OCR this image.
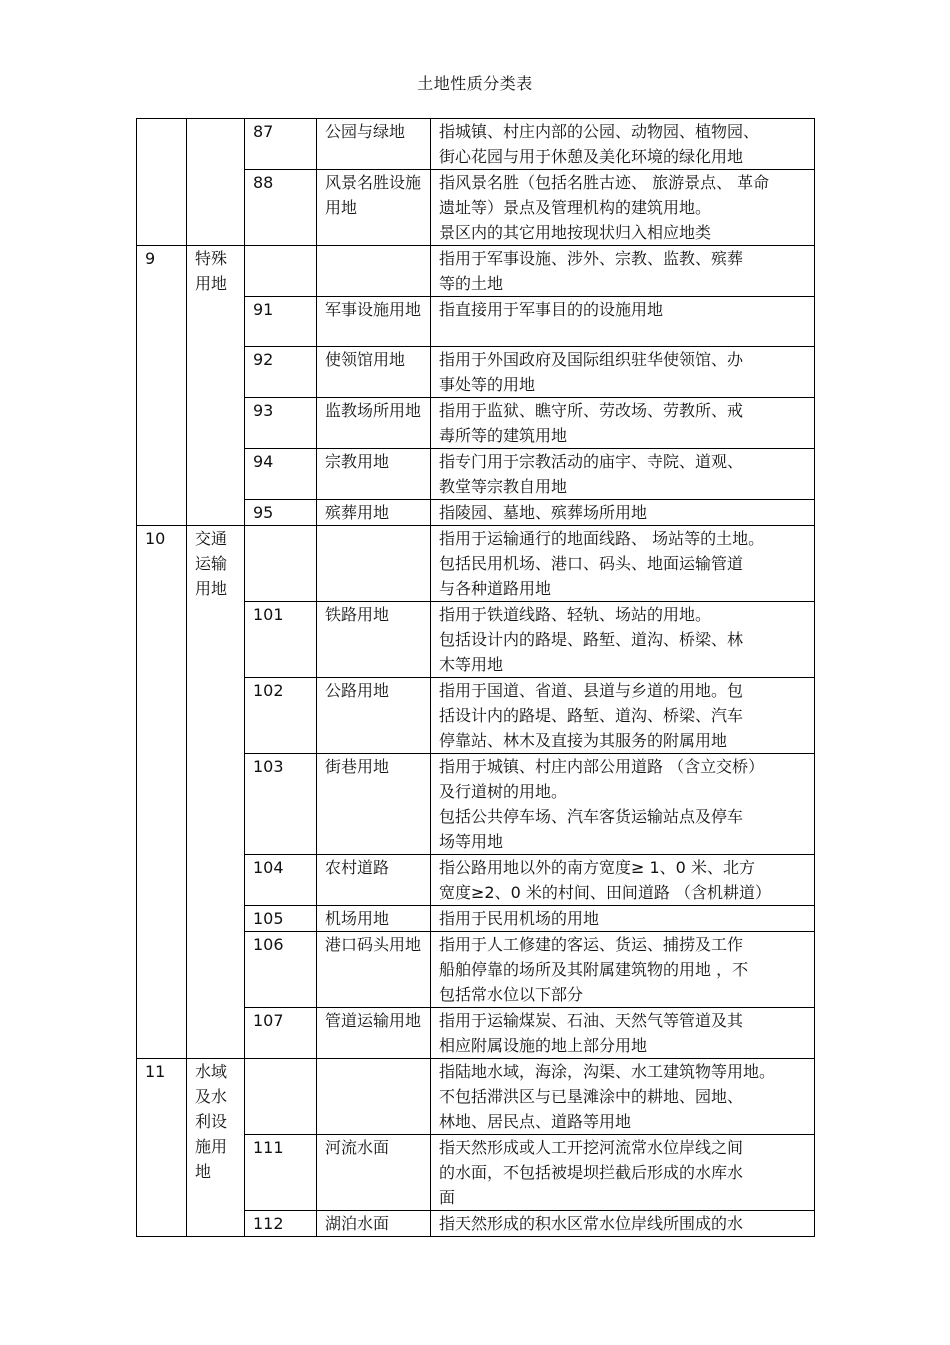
土地性质分类表
		87	公园与绿地	指城镇、村庄内部的公园、动物园、植物园、
街心花园与用于休憩及美化环境的绿化用地

		88	风景名胜设施用地	指风景名胜（包括名胜古迹、 旅游景点、 革命
遗址等）景点及管理机构的建筑用地。
景区内的其它用地按现状归入相应地类

9	特殊用地			指用于军事设施、涉外、宗教、监教、殡葬
等的土地

		91	军事设施用地	指直接用于军事目的的设施用地

		92	使领馆用地	指用于外国政府及国际组织驻华使领馆、办
事处等的用地

		93	监教场所用地	指用于监狱、瞧守所、劳改场、劳教所、戒
毒所等的建筑用地

		94	宗教用地	指专门用于宗教活动的庙宇、寺院、道观、
教堂等宗教自用地

		95	殡葬用地	指陵园、墓地、殡葬场所用地

10	交通运输用地			指用于运输通行的地面线路、 场站等的土地。
包括民用机场、港口、码头、地面运输管道
与各种道路用地

		101	铁路用地	指用于铁道线路、轻轨、场站的用地。
包括设计内的路堤、路堑、道沟、桥梁、林
木等用地

		102	公路用地	指用于国道、省道、县道与乡道的用地。包
括设计内的路堤、路堑、道沟、桥梁、汽车
停靠站、林木及直接为其服务的附属用地

		103	街巷用地	指用于城镇、村庄内部公用道路 （含立交桥）
及行道树的用地。
包括公共停车场、汽车客货运输站点及停车
场等用地

		104	农村道路	指公路用地以外的南方宽度≥ 1、0 米、北方
宽度≥2、0 米的村间、田间道路 （含机耕道）

		105	机场用地	指用于民用机场的用地

		106	港口码头用地	指用于人工修建的客运、货运、捕捞及工作
船舶停靠的场所及其附属建筑物的用地 ，不
包括常水位以下部分

		107	管道运输用地	指用于运输煤炭、石油、天然气等管道及其
相应附属设施的地上部分用地

11	水域及水利设施用地			指陆地水域，海涂，沟渠、水工建筑物等用地。
不包括滞洪区与已垦滩涂中的耕地、园地、
林地、居民点、道路等用地

		111	河流水面	指天然形成或人工开挖河流常水位岸线之间
的水面，不包括被堤坝拦截后形成的水库水
面

		112	湖泊水面	指天然形成的积水区常水位岸线所围成的水
